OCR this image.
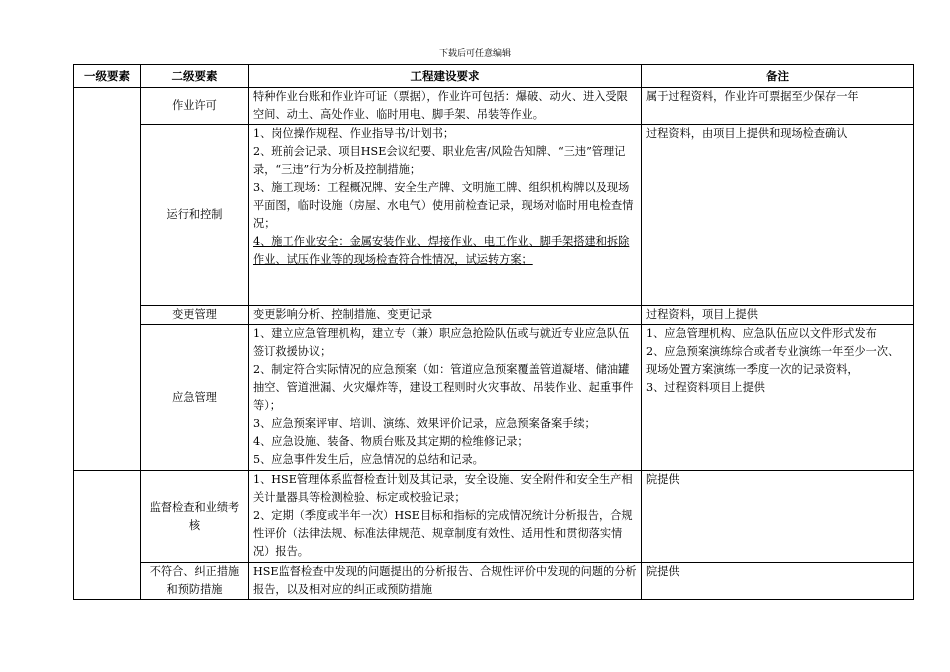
下载后可任意编辑
一级要素	二级要素	工程建设要求	备注
	作业许可	特种作业台账和作业许可证（票据），作业许可包括：爆破、动火、进入受限空间、动土、高处作业、临时用电、脚手架、吊装等作业。	属于过程资料，作业许可票据至少保存一年

	运行和控制	1、岗位操作规程、作业指导书/计划书；
2、班前会记录、项目HSE会议纪要、职业危害/风险告知牌、“三违”管理记录，“三违”行为分析及控制措施；
3、施工现场：工程概况牌、安全生产牌、文明施工牌、组织机构牌以及现场平面图，临时设施（房屋、水电气）使用前检查记录，现场对临时用电检查情况；
4、施工作业安全：金属安装作业、焊接作业、电工作业、脚手架搭建和拆除作业、试压作业等的现场检查符合性情况，试运转方案；	过程资料，由项目上提供和现场检查确认

	变更管理	变更影响分析、控制措施、变更记录	过程资料，项目上提供

	应急管理	1、建立应急管理机构，建立专（兼）职应急抢险队伍或与就近专业应急队伍签订救援协议；
2、制定符合实际情况的应急预案（如：管道应急预案覆盖管道凝堵、储油罐抽空、管道泄漏、火灾爆炸等，建设工程则时火灾事故、吊装作业、起重事件等）；
3、应急预案评审、培训、演练、效果评价记录，应急预案备案手续；
4、应急设施、装备、物质台账及其定期的检维修记录；
5、应急事件发生后，应急情况的总结和记录。	1、应急管理机构、应急队伍应以文件形式发布
2、应急预案演练综合或者专业演练一年至少一次、现场处置方案演练一季度一次的记录资料，
3、过程资料项目上提供

	监督检查和业绩考核	1、HSE管理体系监督检查计划及其记录，安全设施、安全附件和安全生产相关计量器具等检测检验、标定或校验记录；
2、定期（季度或半年一次）HSE目标和指标的完成情况统计分析报告，合规性评价（法律法规、标准法律规范、规章制度有效性、适用性和贯彻落实情况）报告。	院提供

	不符合、纠正措施和预防措施	HSE监督检查中发现的问题提出的分析报告、合规性评价中发现的问题的分析报告，以及相对应的纠正或预防措施	院提供
